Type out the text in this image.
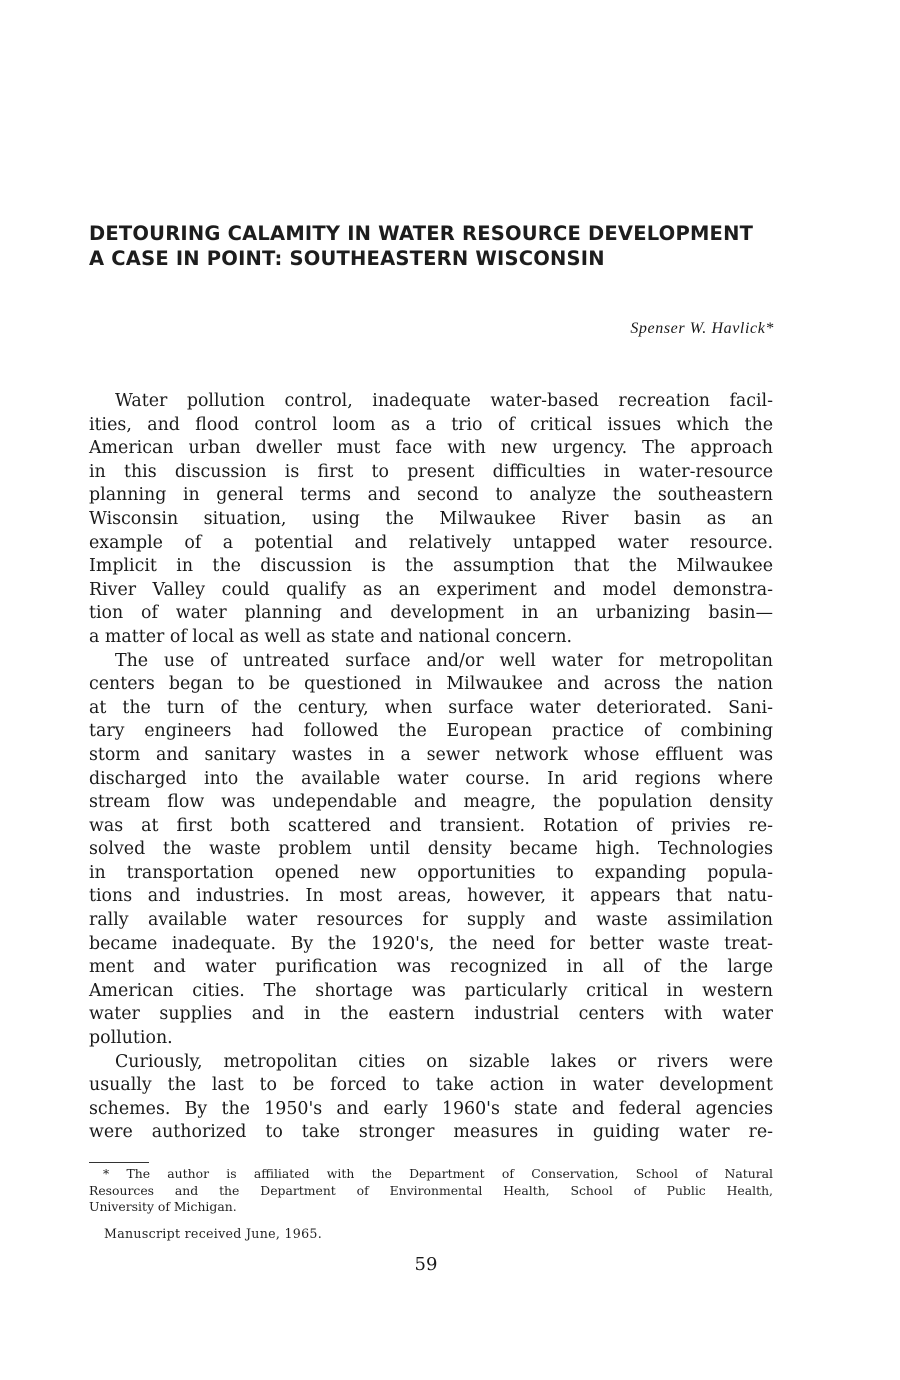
DETOURING CALAMITY IN WATER RESOURCE DEVELOPMENT
A CASE IN POINT: SOUTHEASTERN WISCONSIN
Spenser W. Havlick*

Water pollution control, inadequate water-based recreation facil-
ities, and flood control loom as a trio of critical issues which the
American urban dweller must face with new urgency. The approach
in this discussion is first to present difficulties in water-resource
planning in general terms and second to analyze the southeastern
Wisconsin situation, using the Milwaukee River basin as an
example of a potential and relatively untapped water resource.
Implicit in the discussion is the assumption that the Milwaukee
River Valley could qualify as an experiment and model demonstra-
tion of water planning and development in an urbanizing basin—
a matter of local as well as state and national concern.

The use of untreated surface and/or well water for metropolitan
centers began to be questioned in Milwaukee and across the nation
at the turn of the century, when surface water deteriorated. Sani-
tary engineers had followed the European practice of combining
storm and sanitary wastes in a sewer network whose effluent was
discharged into the available water course. In arid regions where
stream flow was undependable and meagre, the population density
was at first both scattered and transient. Rotation of privies re-
solved the waste problem until density became high. Technologies
in transportation opened new opportunities to expanding popula-
tions and industries. In most areas, however, it appears that natu-
rally available water resources for supply and waste assimilation
became inadequate. By the 1920's, the need for better waste treat-
ment and water purification was recognized in all of the large
American cities. The shortage was particularly critical in western
water supplies and in the eastern industrial centers with water
pollution.

Curiously, metropolitan cities on sizable lakes or rivers were
usually the last to be forced to take action in water development
schemes. By the 1950's and early 1960's state and federal agencies
were authorized to take stronger measures in guiding water re-

* The author is affiliated with the Department of Conservation, School of Natural
Resources and the Department of Environmental Health, School of Public Health,
University of Michigan.
Manuscript received June, 1965.
59
